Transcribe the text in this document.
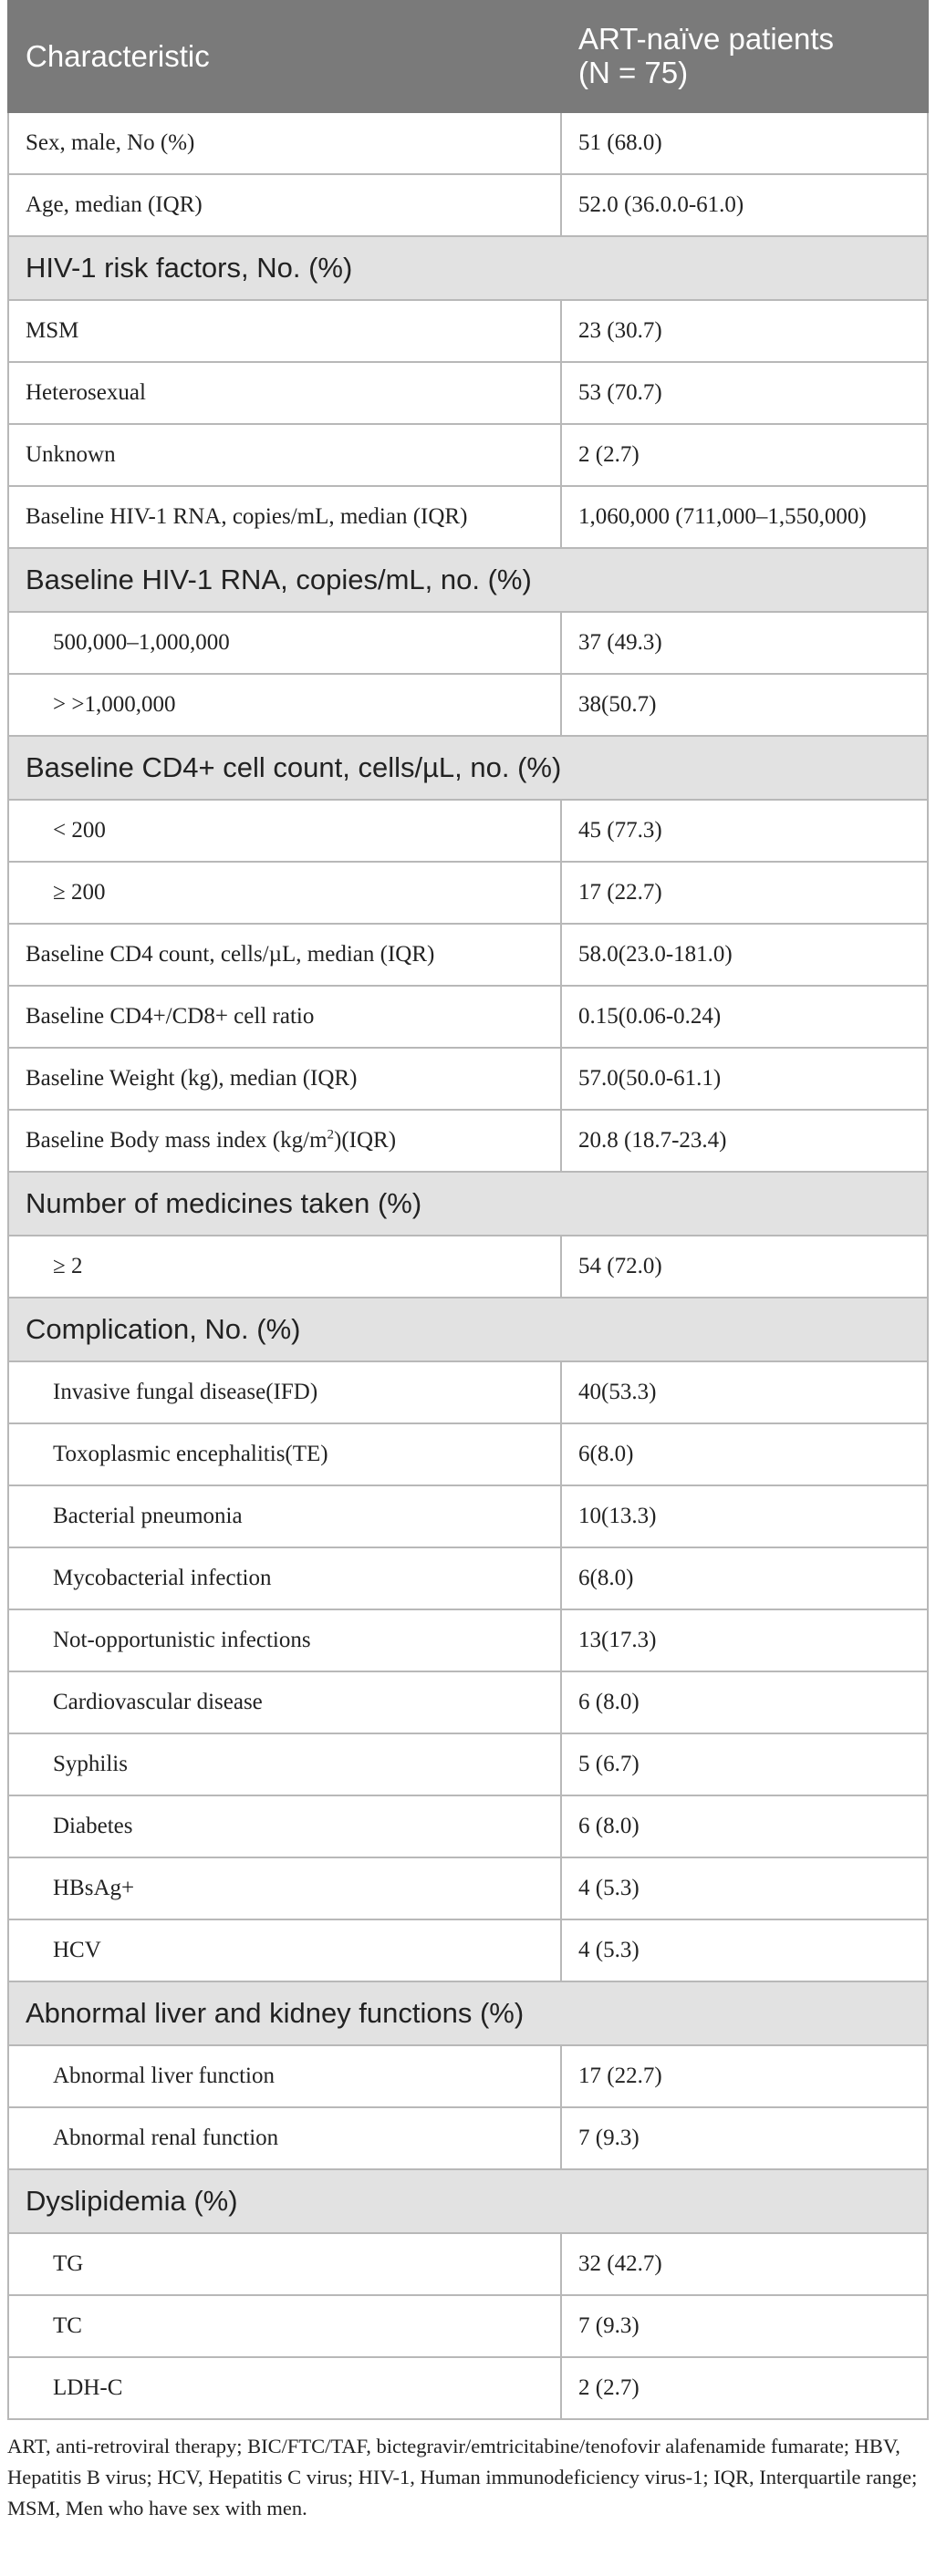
Characteristic	ART-naïve patients
(N = 75)
Sex, male, No (%)	51 (68.0)
Age, median (IQR)	52.0 (36.0.0-61.0)
HIV-1 risk factors, No. (%)	
MSM	23 (30.7)
Heterosexual	53 (70.7)
Unknown	2 (2.7)
Baseline HIV-1 RNA, copies/mL, median (IQR)	1,060,000 (711,000–1,550,000)
Baseline HIV-1 RNA, copies/mL, no. (%)	
500,000–1,000,000	37 (49.3)
> >1,000,000	38(50.7)
Baseline CD4+ cell count, cells/µL, no. (%)	
< 200	45 (77.3)
≥ 200	17 (22.7)
Baseline CD4 count, cells/µL, median (IQR)	58.0(23.0-181.0)
Baseline CD4+/CD8+ cell ratio	0.15(0.06-0.24)
Baseline Weight (kg), median (IQR)	57.0(50.0-61.1)
Baseline Body mass index $(kg/m^2)(IQR)$	20.8 (18.7-23.4)
Number of medicines taken (%)	
≥ 2	54 (72.0)
Complication, No. (%)	
Invasive fungal disease(IFD)	40(53.3)
Toxoplasmic encephalitis(TE)	6(8.0)
Bacterial pneumonia	10(13.3)
Mycobacterial infection	6(8.0)
Not-opportunistic infections	13(17.3)
Cardiovascular disease	6 (8.0)
Syphilis	5 (6.7)
Diabetes	6 (8.0)
HBsAg+	4 (5.3)
HCV	4 (5.3)
Abnormal liver and kidney functions (%)	
Abnormal liver function	17 (22.7)
Abnormal renal function	7 (9.3)
Dyslipidemia (%)	
TG	32 (42.7)
TC	7 (9.3)
LDH-C	2 (2.7)
ART, anti-retroviral therapy; BIC/FTC/TAF, bictegravir/emtricitabine/tenofovir alafenamide fumarate; HBV, Hepatitis B virus; HCV, Hepatitis C virus; HIV-1, Human immunodeficiency virus-1; IQR, Interquartile range; MSM, Men who have sex with men.
